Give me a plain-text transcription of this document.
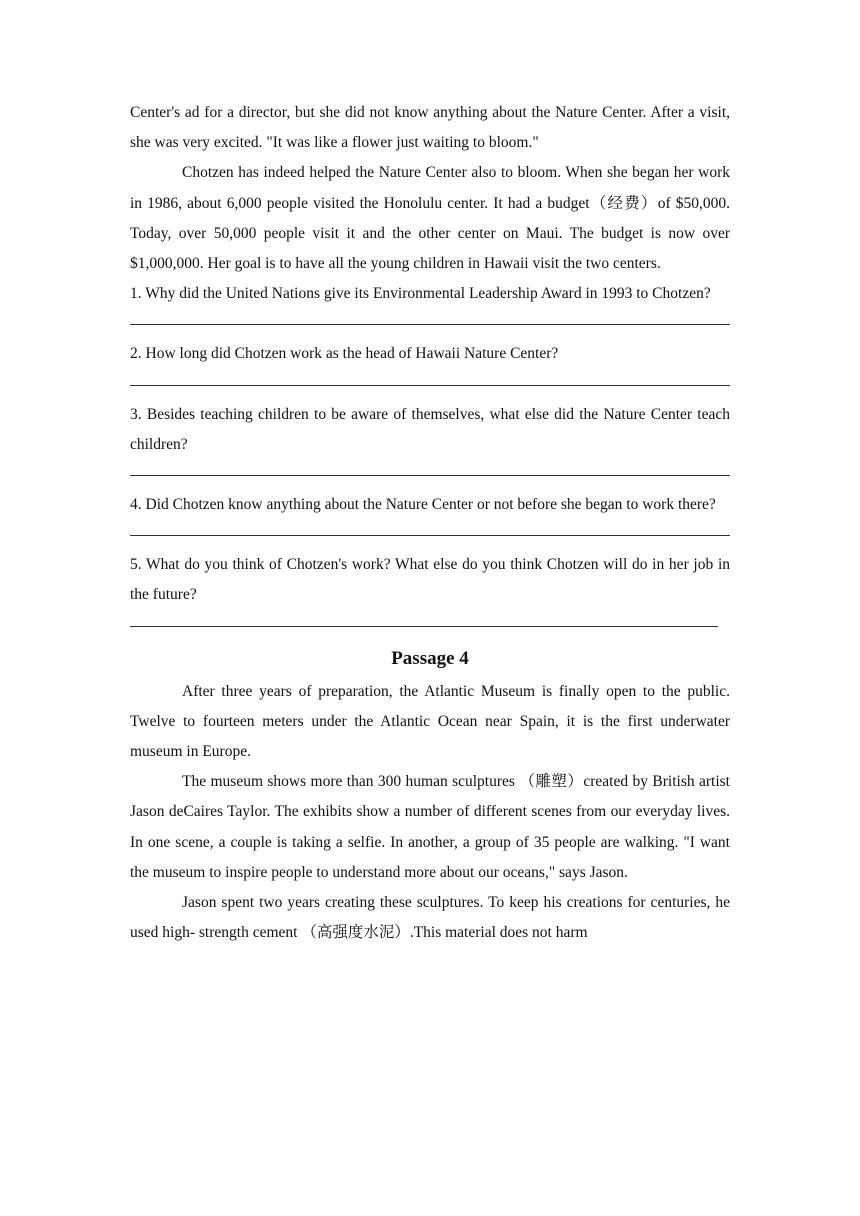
Center's ad for a director, but she did not know anything about the Nature Center. After a visit, she was very excited. "It was like a flower just waiting to bloom."

Chotzen has indeed helped the Nature Center also to bloom. When she began her work in 1986, about 6,000 people visited the Honolulu center. It had a budget（经费）of $50,000. Today, over 50,000 people visit it and the other center on Maui. The budget is now over $1,000,000. Her goal is to have all the young children in Hawaii visit the two centers.

1. Why did the United Nations give its Environmental Leadership Award in 1993 to Chotzen?

2. How long did Chotzen work as the head of Hawaii Nature Center?

3. Besides teaching children to be aware of themselves, what else did the Nature Center teach children?

4. Did Chotzen know anything about the Nature Center or not before she began to work there?

5. What do you think of Chotzen's work? What else do you think Chotzen will do in her job in the future?

Passage 4

After three years of preparation, the Atlantic Museum is finally open to the public. Twelve to fourteen meters under the Atlantic Ocean near Spain, it is the first underwater museum in Europe.

The museum shows more than 300 human sculptures （雕塑）created by British artist Jason deCaires Taylor. The exhibits show a number of different scenes from our everyday lives. In one scene, a couple is taking a selfie. In another, a group of 35 people are walking. "I want the museum to inspire people to understand more about our oceans," says Jason.

Jason spent two years creating these sculptures. To keep his creations for centuries, he used high- strength cement （高强度水泥）.This material does not harm
